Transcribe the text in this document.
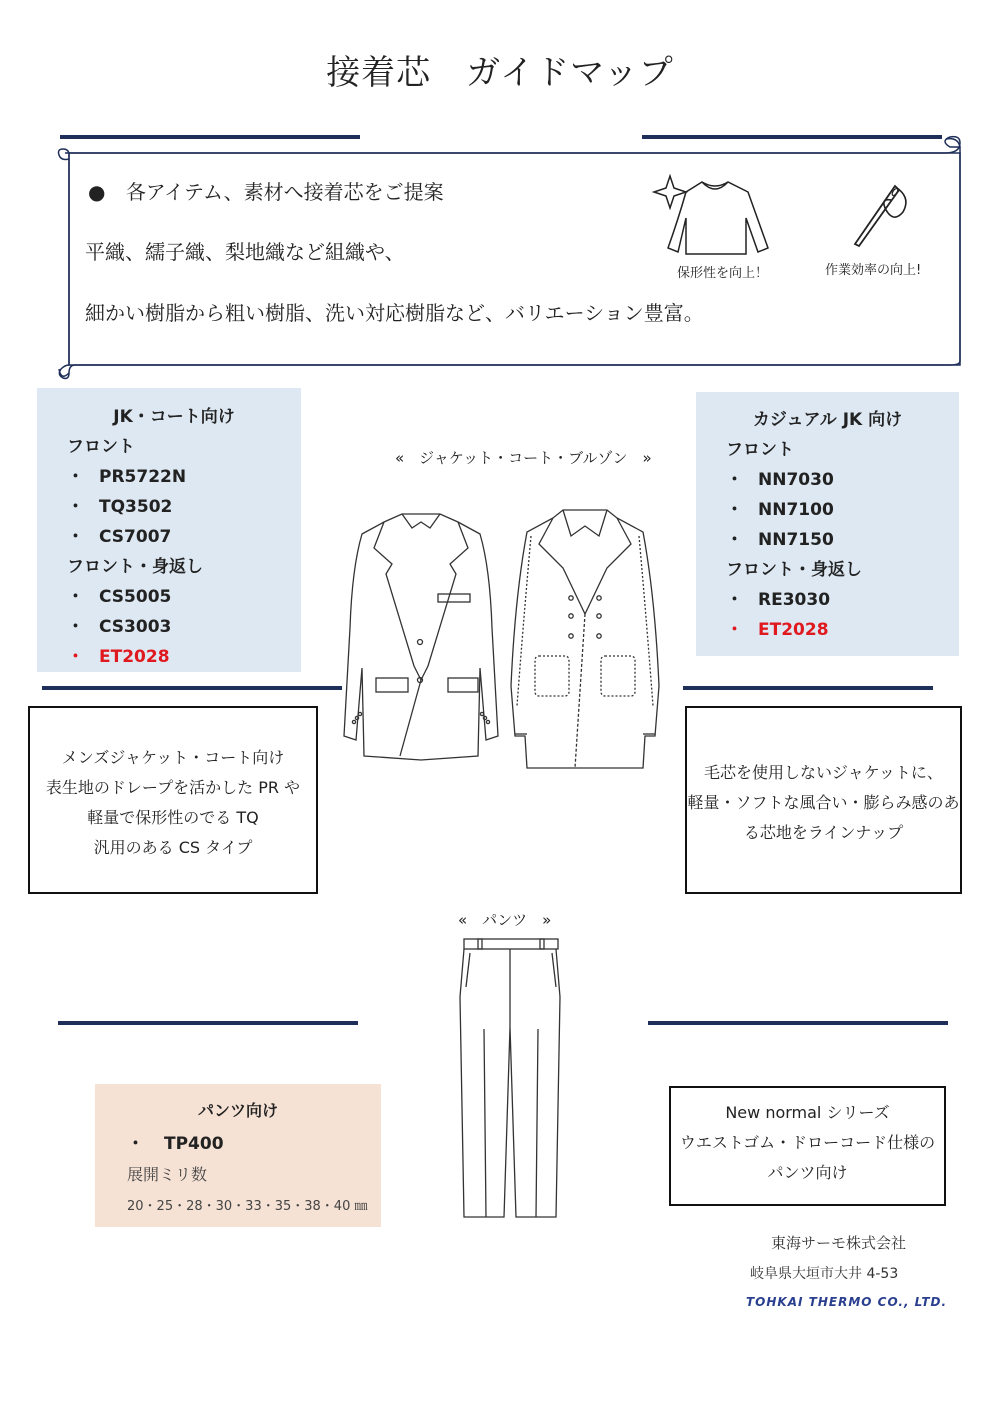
接着芯　ガイドマップ
● 各アイテム、素材へ接着芯をご提案
平織、繻子織、梨地織など組織や、
細かい樹脂から粗い樹脂、洗い対応樹脂など、バリエーション豊富。
保形性を向上！	作業効率の向上!
JK・コート向け
フロント
・ PR5722N
・ TQ3502
・ CS7007
フロント・身返し
・ CS5005
・ CS3003
・ ET2028
カジュアル JK 向け
フロント
・ NN7030
・ NN7100
・ NN7150
フロント・身返し
・ RE3030
・ ET2028
«　ジャケット・コート・ブルゾン　»
メンズジャケット・コート向け
表生地のドレープを活かした PR や
軽量で保形性のでる TQ
汎用のある CS タイプ
毛芯を使用しないジャケットに、
軽量・ソフトな風合い・膨らみ感のあ
る芯地をラインナップ
«　パンツ　»
パンツ向け
・ TP400
展開ミリ数
20・25・28・30・33・35・38・40 ㎜
New normal シリーズ
ウエストゴム・ドローコード仕様の
パンツ向け
東海サーモ株式会社
岐阜県大垣市大井 4-53
TOHKAI THERMO CO., LTD.
